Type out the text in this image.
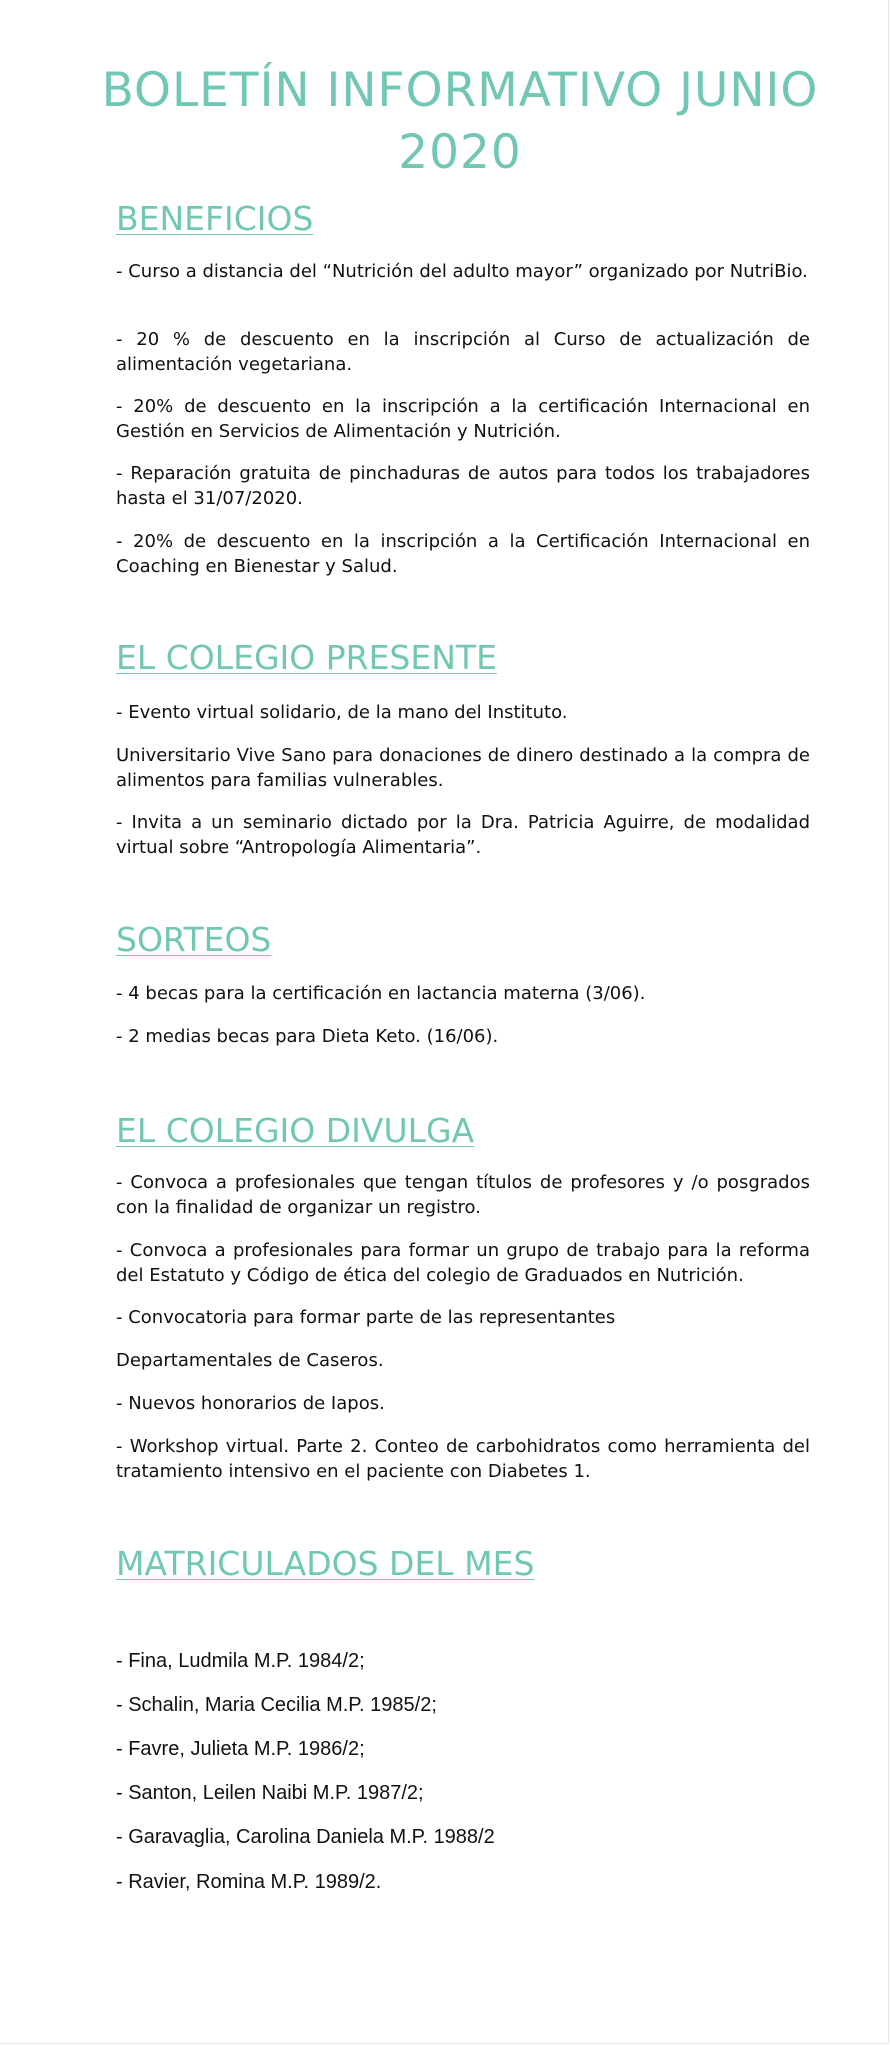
BOLETÍN INFORMATIVO JUNIO 2020
BENEFICIOS

- Curso a distancia del “Nutrición del adulto mayor” organizado por NutriBio.

- 20 % de descuento en la inscripción al Curso de actualización de alimentación vegetariana.

- 20% de descuento en la inscripción a la certificación Internacional en Gestión en Servicios de Alimentación y Nutrición.

- Reparación gratuita de pinchaduras de autos para todos los trabajadores hasta el 31/07/2020.

- 20% de descuento en la inscripción a la Certificación Internacional en Coaching en Bienestar y Salud.

EL COLEGIO PRESENTE

- Evento virtual solidario, de la mano del Instituto.

Universitario Vive Sano para donaciones de dinero destinado a la compra de alimentos para familias vulnerables.

- Invita a un seminario dictado por la Dra. Patricia Aguirre, de modalidad virtual sobre “Antropología Alimentaria”.

SORTEOS

- 4 becas para la certificación en lactancia materna (3/06).

- 2 medias becas para Dieta Keto. (16/06).

EL COLEGIO DIVULGA

- Convoca a profesionales que tengan títulos de profesores y /o posgrados con la finalidad de organizar un registro.

- Convoca a profesionales para formar un grupo de trabajo para la reforma del Estatuto y Código de ética del colegio de Graduados en Nutrición.

- Convocatoria para formar parte de las representantes

Departamentales de Caseros.

- Nuevos honorarios de Iapos.

- Workshop virtual. Parte 2. Conteo de carbohidratos como herramienta del tratamiento intensivo en el paciente con Diabetes 1.

MATRICULADOS DEL MES

- Fina, Ludmila M.P. 1984/2;

- Schalin, Maria Cecilia M.P. 1985/2;

- Favre, Julieta M.P. 1986/2;

- Santon, Leilen Naibi M.P. 1987/2;

- Garavaglia, Carolina Daniela M.P. 1988/2

- Ravier, Romina M.P. 1989/2.
